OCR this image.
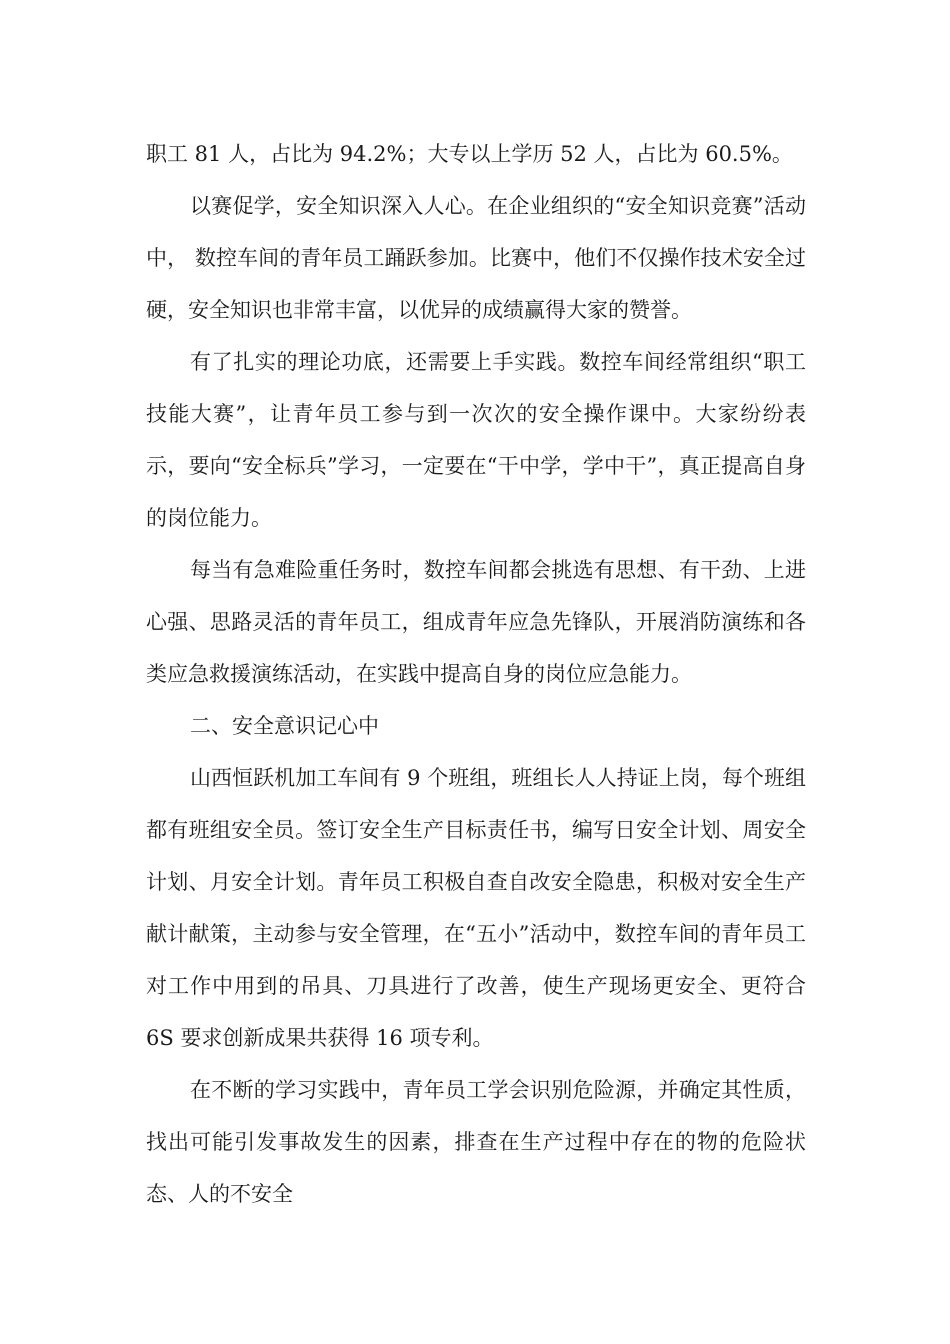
职工 81 人，占比为 94.2%；大专以上学历 52 人，占比为 60.5%。

以赛促学，安全知识深入人心。在企业组织的“安全知识竞赛”活动中， 数控车间的青年员工踊跃参加。比赛中，他们不仅操作技术安全过硬，安全知识也非常丰富，以优异的成绩赢得大家的赞誉。

有了扎实的理论功底，还需要上手实践。数控车间经常组织“职工技能大赛”，让青年员工参与到一次次的安全操作课中。大家纷纷表示，要向“安全标兵”学习，一定要在“干中学，学中干”，真正提高自身的岗位能力。

每当有急难险重任务时，数控车间都会挑选有思想、有干劲、上进心强、思路灵活的青年员工，组成青年应急先锋队，开展消防演练和各类应急救援演练活动，在实践中提高自身的岗位应急能力。

二、安全意识记心中

山西恒跃机加工车间有 9 个班组，班组长人人持证上岗，每个班组都有班组安全员。签订安全生产目标责任书，编写日安全计划、周安全计划、月安全计划。青年员工积极自查自改安全隐患，积极对安全生产献计献策，主动参与安全管理，在“五小”活动中，数控车间的青年员工对工作中用到的吊具、刀具进行了改善，使生产现场更安全、更符合 6S 要求创新成果共获得 16 项专利。

在不断的学习实践中，青年员工学会识别危险源，并确定其性质，找出可能引发事故发生的因素，排查在生产过程中存在的物的危险状态、人的不安全
